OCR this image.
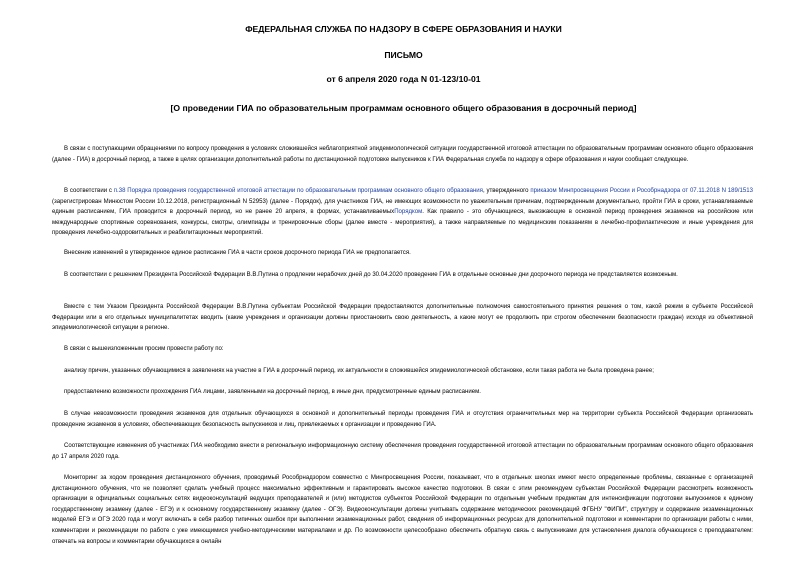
ФЕДЕРАЛЬНАЯ СЛУЖБА ПО НАДЗОРУ В СФЕРЕ ОБРАЗОВАНИЯ И НАУКИ
ПИСЬМО
от 6 апреля 2020 года N 01-123/10-01
[О проведении ГИА по образовательным программам основного общего образования в досрочный период]
В связи с поступающими обращениями по вопросу проведения в условиях сложившейся неблагоприятной эпидемиологической ситуации государственной итоговой аттестации по образовательным программам основного общего образования (далее - ГИА) в досрочный период, а также в целях организации дополнительной работы по дистанционной подготовке выпускников к ГИА Федеральная служба по надзору в сфере образования и науки сообщает следующее.
В соответствии с п.38 Порядка проведения государственной итоговой аттестации по образовательным программам основного общего образования, утвержденного приказом Минпросвещения России и Рособрнадзора от 07.11.2018 N 189/1513 (зарегистрирован Минюстом России 10.12.2018, регистрационный N 52953) (далее - Порядок), для участников ГИА, не имеющих возможности по уважительным причинам, подтвержденным документально, пройти ГИА в сроки, устанавливаемые единым расписанием, ГИА проводится в досрочный период, но не ранее 20 апреля, в формах, устанавливаемыхПорядком. Как правило - это обучающиеся, выезжающие в основной период проведения экзаменов на российские или международные спортивные соревнования, конкурсы, смотры, олимпиады и тренировочные сборы (далее вместе - мероприятия), а также направляемые по медицинским показаниям в лечебно-профилактические и иные учреждения для проведения лечебно-оздоровительных и реабилитационных мероприятий.
Внесение изменений в утвержденное единое расписание ГИА в части сроков досрочного периода ГИА не предполагается.
В соответствии с решением Президента Российской Федерации В.В.Путина о продлении нерабочих дней до 30.04.2020 проведение ГИА в отдельные основные дни досрочного периода не представляется возможным.
Вместе с тем Указом Президента Российской Федерации В.В.Путина субъектам Российской Федерации предоставляются дополнительные полномочия самостоятельного принятия решения о том, какой режим в субъекте Российской Федерации или в его отдельных муниципалитетах вводить (какие учреждения и организации должны приостановить свою деятельность, а какие могут ее продолжить при строгом обеспечении безопасности граждан) исходя из объективной эпидемиологической ситуации в регионе.
В связи с вышеизложенным просим провести работу по:
анализу причин, указанных обучающимися в заявлениях на участие в ГИА в досрочный период, их актуальности в сложившейся эпидемиологической обстановке, если такая работа не была проведена ранее;
предоставлению возможности прохождения ГИА лицами, заявленными на досрочный период, в иные дни, предусмотренные единым расписанием.
В случае невозможности проведения экзаменов для отдельных обучающихся в основной и дополнительный периоды проведения ГИА и отсутствия ограничительных мер на территории субъекта Российской Федерации организовать проведение экзаменов в условиях, обеспечивающих безопасность выпускников и лиц, привлекаемых к организации и проведению ГИА.
Соответствующие изменения об участниках ГИА необходимо внести в региональную информационную систему обеспечения проведения государственной итоговой аттестации по образовательным программам основного общего образования до 17 апреля 2020 года.
Мониторинг за ходом проведения дистанционного обучения, проводимый Рособрнадзором совместно с Минпросвещения России, показывает, что в отдельных школах имеют место определенные проблемы, связанные с организацией дистанционного обучения, что не позволяет сделать учебный процесс максимально эффективным и гарантировать высокое качество подготовки. В связи с этим рекомендуем субъектам Российской Федерации рассмотреть возможность организации в официальных социальных сетях видеоконсультаций ведущих преподавателей и (или) методистов субъектов Российской Федерации по отдельным учебным предметам для интенсификации подготовки выпускников к единому государственному экзамену (далее - ЕГЭ) и к основному государственному экзамену (далее - ОГЭ). Видеоконсультации должны учитывать содержание методических рекомендаций ФГБНУ "ФИПИ", структуру и содержание экзаменационных моделей ЕГЭ и ОГЭ 2020 года и могут включать в себя разбор типичных ошибок при выполнении экзаменационных работ, сведения об информационных ресурсах для дополнительной подготовки и комментарии по организации работы с ними, комментарии и рекомендации по работе с уже имеющимися учебно-методическими материалами и др. По возможности целесообразно обеспечить обратную связь с выпускниками для установления диалога обучающихся с преподавателем: отвечать на вопросы и комментарии обучающихся в онлайн
